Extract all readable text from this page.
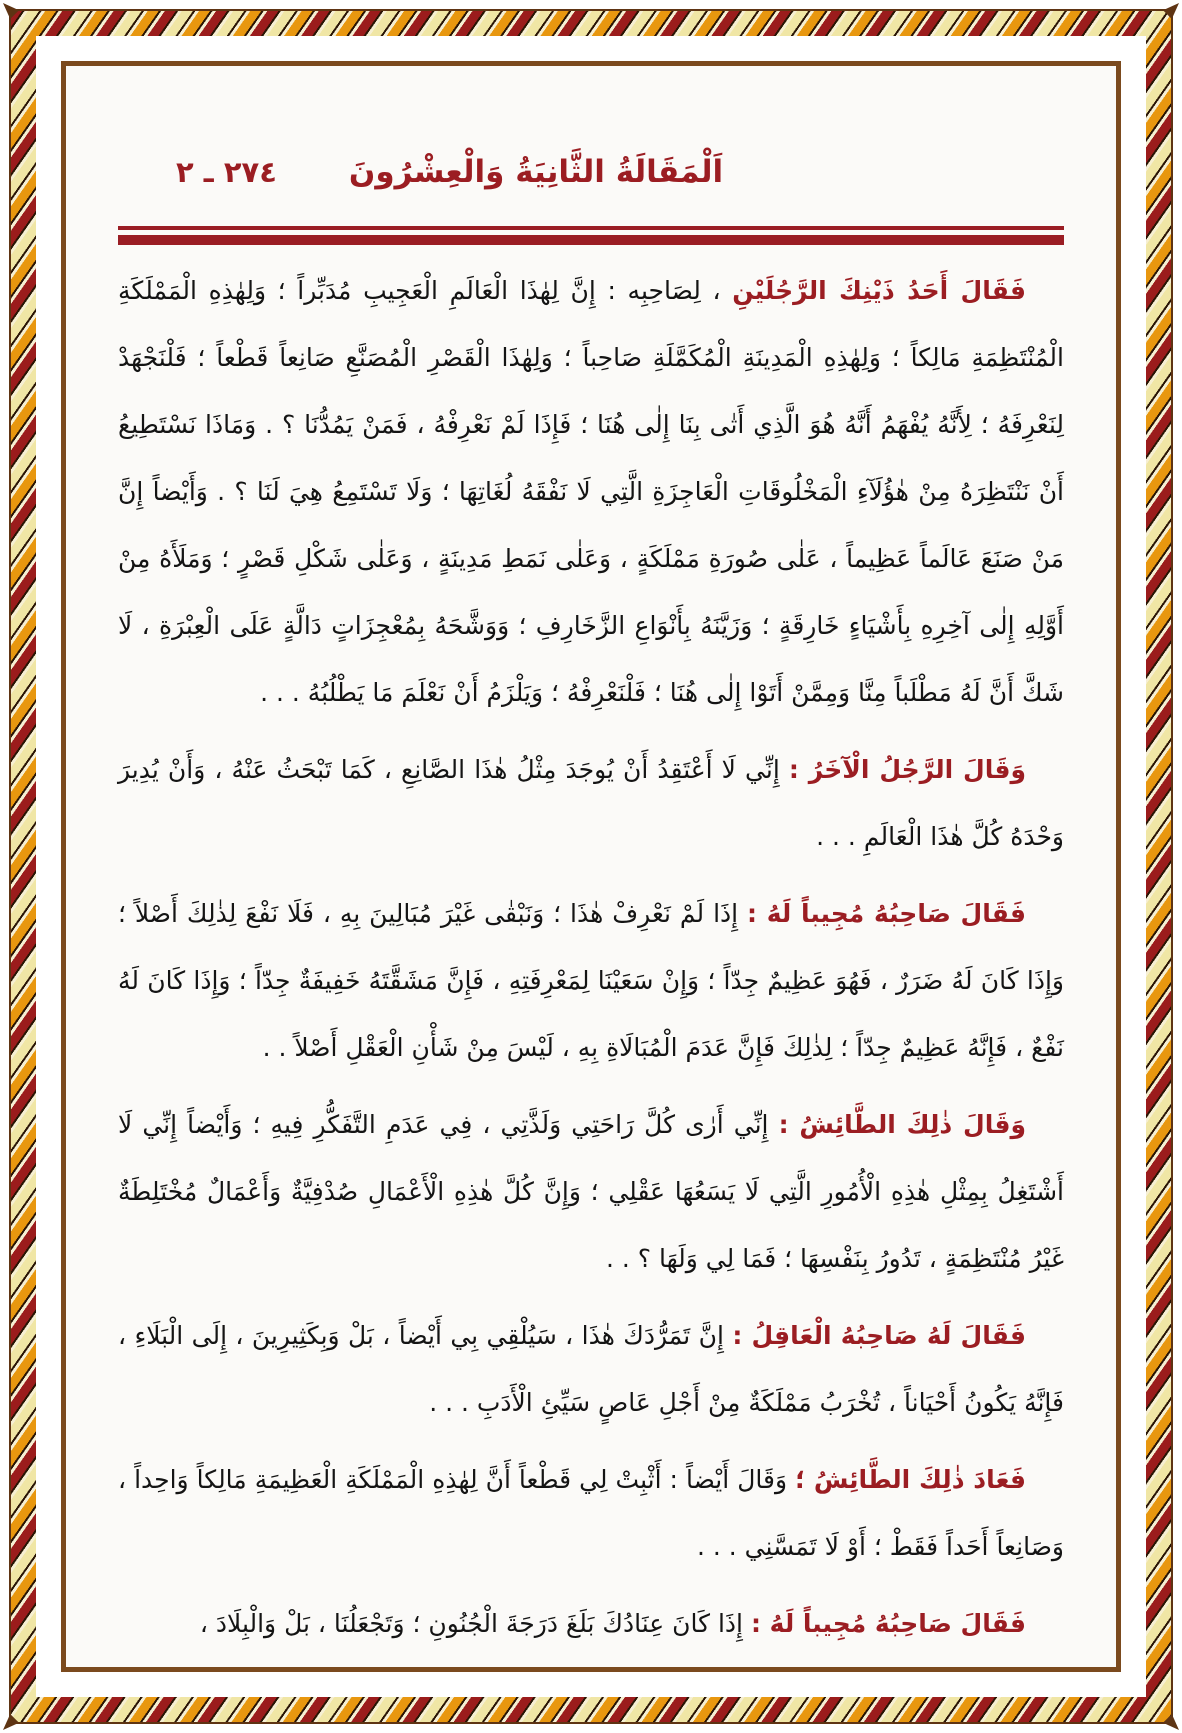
اَلْمَقَالَةُ الثَّانِيَةُ وَالْعِشْرُونَ
٢٧٤ ـ ٢

فَقَالَ أَحَدُ ذَيْنِكَ الرَّجُلَيْنِ ، لِصَاحِبِه : إِنَّ لِهٰذَا الْعَالَمِ الْعَجِيبِ مُدَبِّراً ؛ وَلِهٰذِهِ الْمَمْلَكَةِ الْمُنْتَظِمَةِ مَالِكاً ؛ وَلِهٰذِهِ الْمَدِينَةِ الْمُكَمَّلَةِ صَاحِباً ؛ وَلِهٰذَا الْقَصْرِ الْمُصَنَّعِ صَانِعاً قَطْعاً ؛ فَلْنَجْهَدْ لِنَعْرِفَهُ ؛ لِأَنَّهُ يُفْهَمُ أَنَّهُ هُوَ الَّذِي أَتٰى بِنَا إِلٰى هُنَا ؛ فَإِذَا لَمْ نَعْرِفْهُ ، فَمَنْ يَمُدُّنَا ؟ . وَمَاذَا نَسْتَطِيعُ أَنْ نَنْتَظِرَهُ مِنْ هٰؤُلَآءِ الْمَخْلُوقَاتِ الْعَاجِزَةِ الَّتِي لَا نَفْقَهُ لُغَاتِهَا ؛ وَلَا تَسْتَمِعُ هِيَ لَنَا ؟ . وَأَيْضاً إِنَّ مَنْ صَنَعَ عَالَماً عَظِيماً ، عَلٰى صُورَةِ مَمْلَكَةٍ ، وَعَلٰى نَمَطِ مَدِينَةٍ ، وَعَلٰى شَكْلِ قَصْرٍ ؛ وَمَلَأَهُ مِنْ أَوَّلِهِ إِلٰى آخِرِهِ بِأَشْيَاءٍ خَارِقَةٍ ؛ وَزَيَّنَهُ بِأَنْوَاعِ الزَّخَارِفِ ؛ وَوَشَّحَهُ بِمُعْجِزَاتٍ دَالَّةٍ عَلَى الْعِبْرَةِ ، لَا شَكَّ أَنَّ لَهُ مَطْلَباً مِنَّا وَمِمَّنْ أَتَوْا إِلٰى هُنَا ؛ فَلْنَعْرِفْهُ ؛ وَيَلْزَمُ أَنْ نَعْلَمَ مَا يَطْلُبُهُ . . .

وَقَالَ الرَّجُلُ الْآخَرُ : إِنِّي لَا أَعْتَقِدُ أَنْ يُوجَدَ مِثْلُ هٰذَا الصَّانِعِ ، كَمَا تَبْحَثُ عَنْهُ ، وَأَنْ يُدِيرَ وَحْدَهُ كُلَّ هٰذَا الْعَالَمِ . . .

فَقَالَ صَاحِبُهُ مُجِيباً لَهُ : إِذَا لَمْ نَعْرِفْ هٰذَا ؛ وَنَبْقٰى غَيْرَ مُبَالِينَ بِهِ ، فَلَا نَفْعَ لِذٰلِكَ أَصْلاً ؛ وَإِذَا كَانَ لَهُ ضَرَرٌ ، فَهُوَ عَظِيمٌ جِدّاً ؛ وَإِنْ سَعَيْنَا لِمَعْرِفَتِهِ ، فَإِنَّ مَشَقَّتَهُ خَفِيفَةٌ جِدّاً ؛ وَإِذَا كَانَ لَهُ نَفْعٌ ، فَإِنَّهُ عَظِيمٌ جِدّاً ؛ لِذٰلِكَ فَإِنَّ عَدَمَ الْمُبَالَاةِ بِهِ ، لَيْسَ مِنْ شَأْنِ الْعَقْلِ أَصْلاً . .

وَقَالَ ذٰلِكَ الطَّائِشُ : إِنِّي أَرٰى كُلَّ رَاحَتِي وَلَذَّتِي ، فِي عَدَمِ التَّفَكُّرِ فِيهِ ؛ وَأَيْضاً إِنِّي لَا أَشْتَغِلُ بِمِثْلِ هٰذِهِ الْأُمُورِ الَّتِي لَا يَسَعُهَا عَقْلِي ؛ وَإِنَّ كُلَّ هٰذِهِ الْأَعْمَالِ صُدْفِيَّةٌ وَأَعْمَالٌ مُخْتَلِطَةٌ غَيْرُ مُنْتَظِمَةٍ ، تَدُورُ بِنَفْسِهَا ؛ فَمَا لِي وَلَهَا ؟ . .

فَقَالَ لَهُ صَاحِبُهُ الْعَاقِلُ : إِنَّ تَمَرُّدَكَ هٰذَا ، سَيُلْقِي بِي أَيْضاً ، بَلْ وَبِكَثِيرِينَ ، إِلَى الْبَلَاءِ ، فَإِنَّهُ يَكُونُ أَحْيَاناً ، تُخْرَبُ مَمْلَكَةٌ مِنْ أَجْلِ عَاصٍ سَيِّئِ الْأَدَبِ . . .

فَعَادَ ذٰلِكَ الطَّائِشُ ؛ وَقَالَ أَيْضاً : أَثْبِتْ لِي قَطْعاً أَنَّ لِهٰذِهِ الْمَمْلَكَةِ الْعَظِيمَةِ مَالِكاً وَاحِداً ، وَصَانِعاً أَحَداً فَقَطْ ؛ أَوْ لَا تَمَسَّنِي . . .

فَقَالَ صَاحِبُهُ مُجِيباً لَهُ : إِذَا كَانَ عِنَادُكَ بَلَغَ دَرَجَةَ الْجُنُونِ ؛ وَتَجْعَلُنَا ، بَلْ وَالْبِلَادَ ،
